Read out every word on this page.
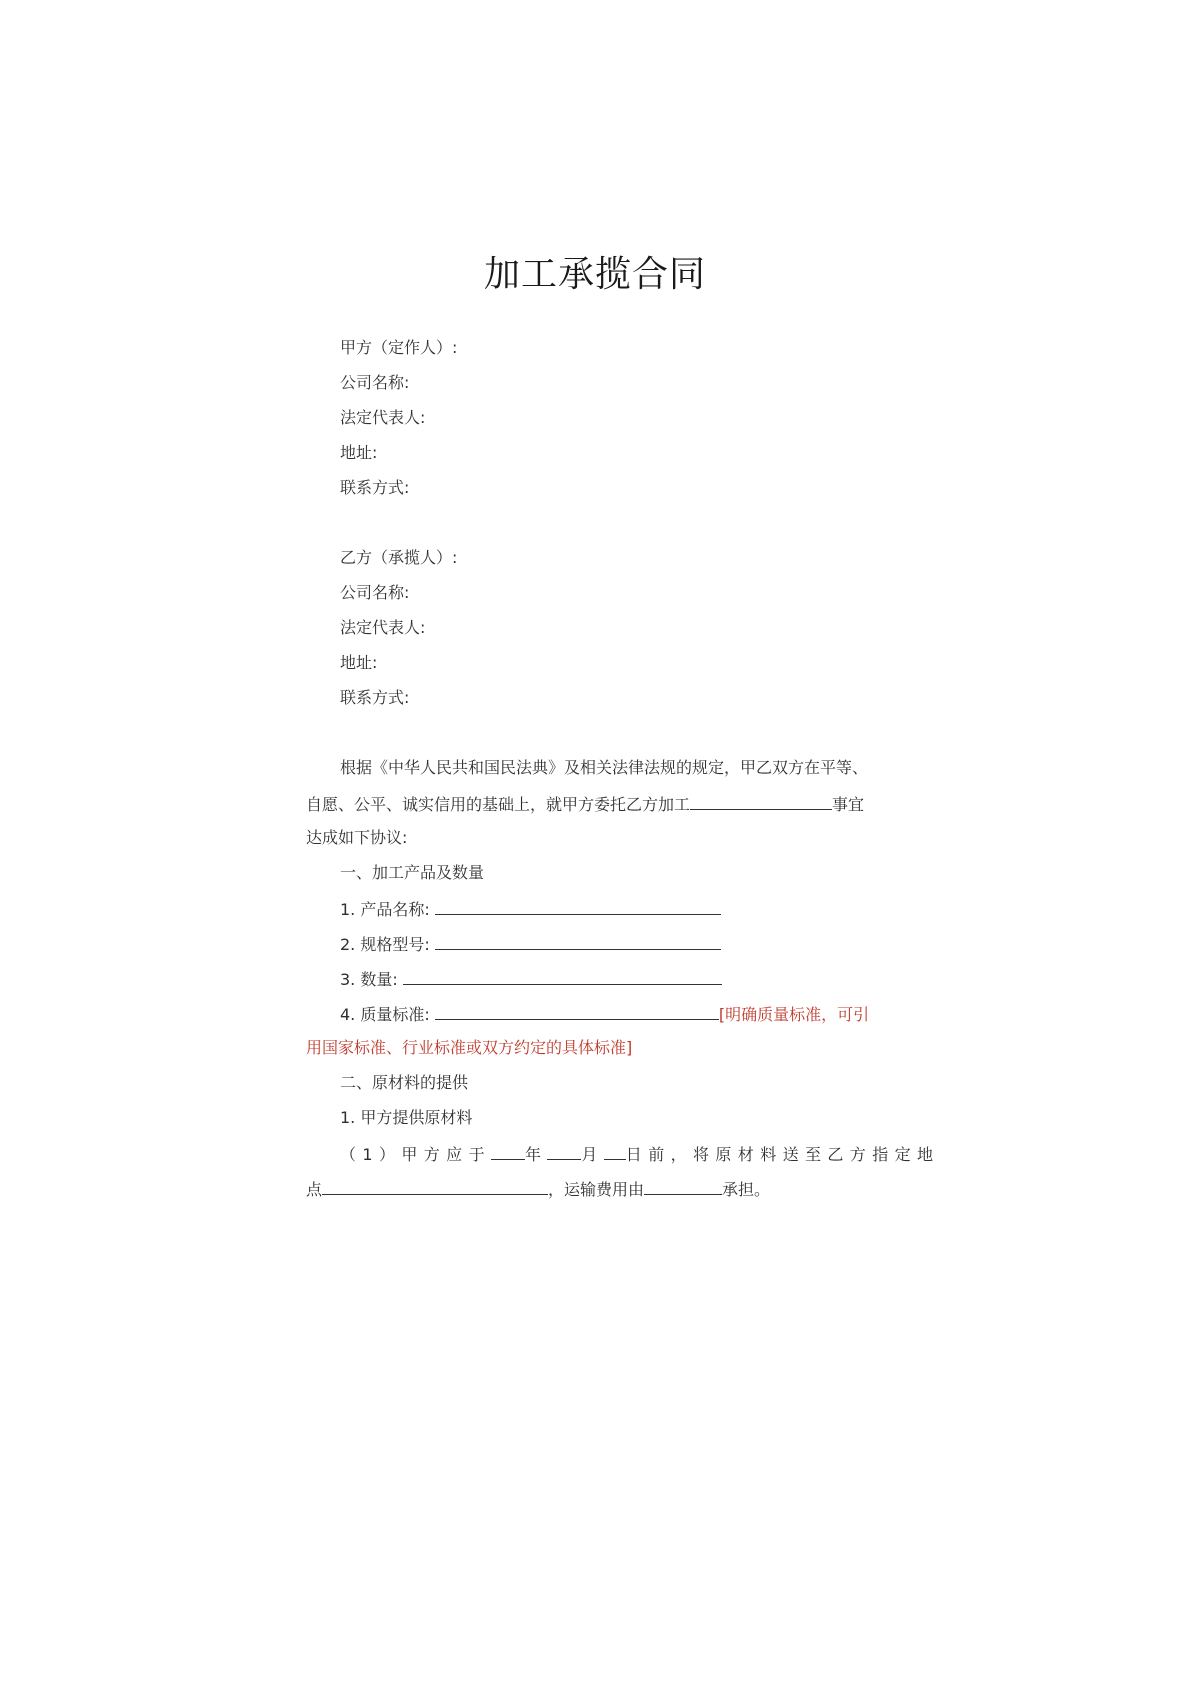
加工承揽合同
甲方（定作人）:
公司名称:
法定代表人:
地址:
联系方式:
乙方（承揽人）:
公司名称:
法定代表人:
地址:
联系方式:
根据《中华人民共和国民法典》及相关法律法规的规定，甲乙双方在平等、
自愿、公平、诚实信用的基础上，就甲方委托乙方加工	事宜
达成如下协议:
一、加工产品及数量
1. 产品名称:
2. 规格型号:
3. 数量:
4. 质量标准:	[明确质量标准，可引
用国家标准、行业标准或双方约定的具体标准]
二、原材料的提供
1. 甲方提供原材料
（1）甲方应于 年 月 日前，将原材料送至乙方指定地
点	，运输费用由	承担。
